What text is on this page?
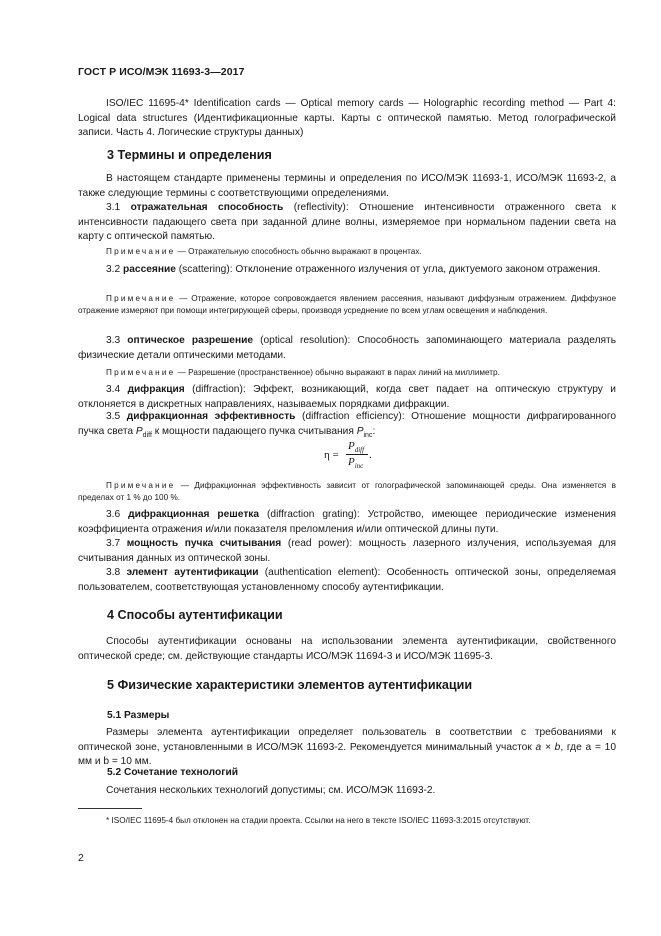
ГОСТ Р ИСО/МЭК 11693-3—2017
ISO/IEC 11695-4* Identification cards — Optical memory cards — Holographic recording method — Part 4: Logical data structures (Идентификационные карты. Карты с оптической памятью. Метод голографической записи. Часть 4. Логические структуры данных)
3 Термины и определения
В настоящем стандарте применены термины и определения по ИСО/МЭК 11693-1, ИСО/МЭК 11693-2, а также следующие термины с соответствующими определениями.
3.1 отражательная способность (reflectivity): Отношение интенсивности отраженного света к интенсивности падающего света при заданной длине волны, измеряемое при нормальном падении света на карту с оптической памятью.
Примечание — Отражательную способность обычно выражают в процентах.
3.2 рассеяние (scattering): Отклонение отраженного излучения от угла, диктуемого законом отражения.
Примечание — Отражение, которое сопровождается явлением рассеяния, называют диффузным отражением. Диффузное отражение измеряют при помощи интегрирующей сферы, производя усреднение по всем углам освещения и наблюдения.
3.3 оптическое разрешение (optical resolution): Способность запоминающего материала разделять физические детали оптическими методами.
Примечание — Разрешение (пространственное) обычно выражают в парах линий на миллиметр.
3.4 дифракция (diffraction): Эффект, возникающий, когда свет падает на оптическую структуру и отклоняется в дискретных направлениях, называемых порядками дифракции.
3.5 дифракционная эффективность (diffraction efficiency): Отношение мощности дифрагированного пучка света $P_{diff}$ к мощности падающего пучка считывания $P_{inc}$:
η =
$P_{diff}$
$P_{inc}$
.
Примечание — Дифракционная эффективность зависит от голографической запоминающей среды. Она изменяется в пределах от 1 % до 100 %.
3.6 дифракционная решетка (diffraction grating): Устройство, имеющее периодические изменения коэффициента отражения и/или показателя преломления и/или оптической длины пути.
3.7 мощность пучка считывания (read power): мощность лазерного излучения, используемая для считывания данных из оптической зоны.
3.8 элемент аутентификации (authentication element): Особенность оптической зоны, определяемая пользователем, соответствующая установленному способу аутентификации.
4 Способы аутентификации
Способы аутентификации основаны на использовании элемента аутентификации, свойственного оптической среде; см. действующие стандарты ИСО/МЭК 11694-3 и ИСО/МЭК 11695-3.
5 Физические характеристики элементов аутентификации
5.1 Размеры
Размеры элемента аутентификации определяет пользователь в соответствии с требованиями к оптической зоне, установленными в ИСО/МЭК 11693-2. Рекомендуется минимальный участок a × b, где a = 10 мм и b = 10 мм.
5.2 Сочетание технологий
Сочетания нескольких технологий допустимы; см. ИСО/МЭК 11693-2.
* ISO/IEC 11695-4 был отклонен на стадии проекта. Ссылки на него в тексте ISO/IEC 11693-3:2015 отсутствуют.
2
